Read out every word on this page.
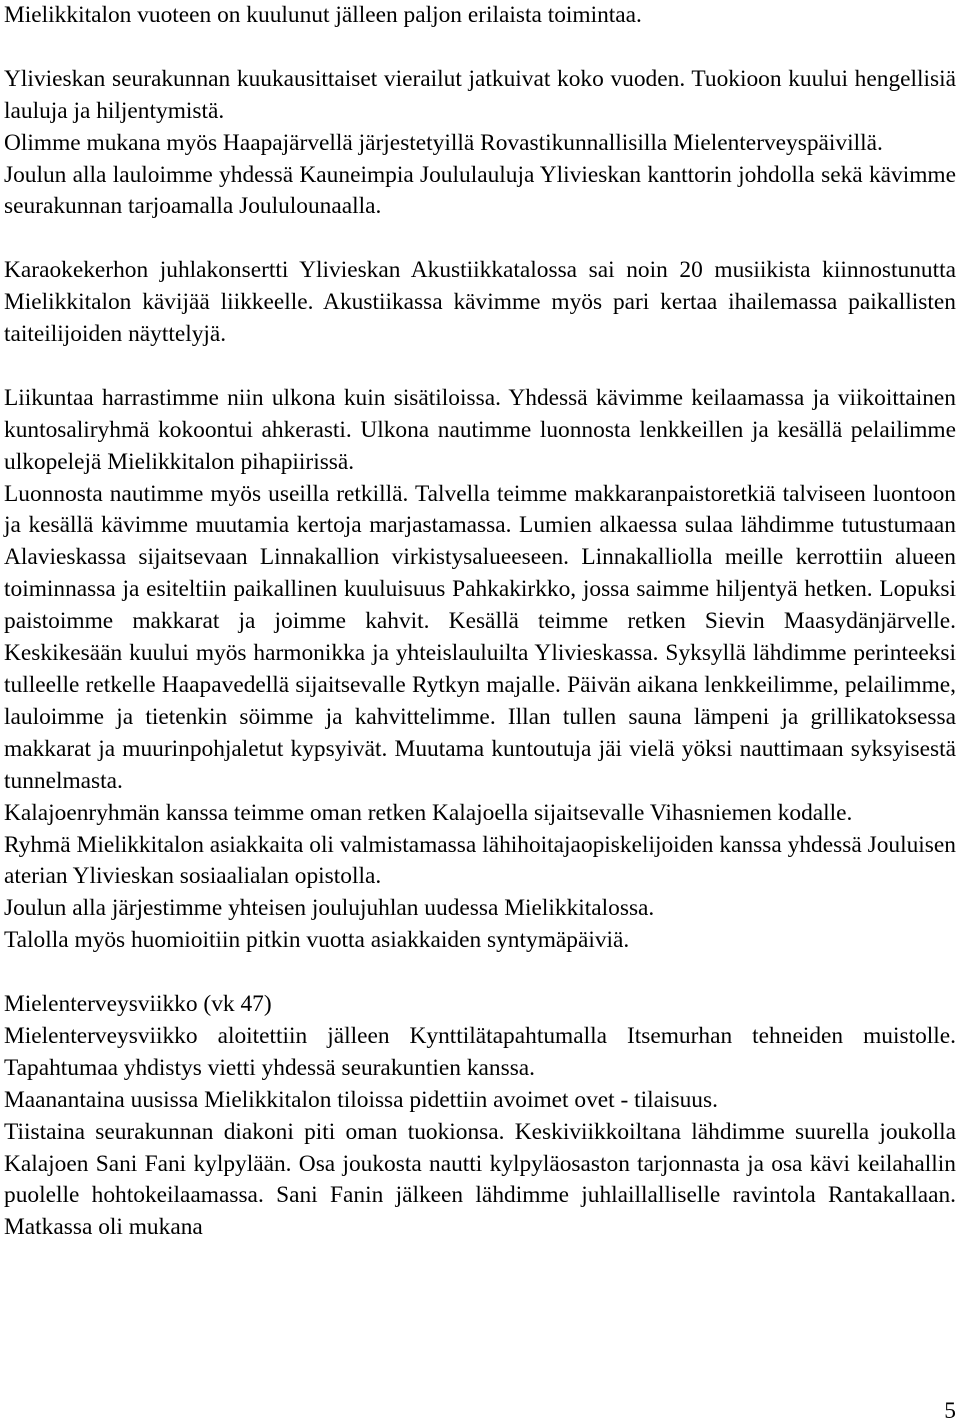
Mielikkitalon vuoteen on kuulunut jälleen paljon erilaista toimintaa.

Ylivieskan seurakunnan kuukausittaiset vierailut jatkuivat koko vuoden. Tuokioon kuului hengellisiä lauluja ja hiljentymistä.

Olimme mukana myös Haapajärvellä järjestetyillä Rovastikunnallisilla Mielenterveyspäivillä.

Joulun alla lauloimme yhdessä Kauneimpia Joululauluja Ylivieskan kanttorin johdolla sekä kävimme seurakunnan tarjoamalla Joululounaalla.

Karaokekerhon juhlakonsertti Ylivieskan Akustiikkatalossa sai noin 20 musiikista kiinnostunutta Mielikkitalon kävijää liikkeelle. Akustiikassa kävimme myös pari kertaa ihailemassa paikallisten taiteilijoiden näyttelyjä.

Liikuntaa harrastimme niin ulkona kuin sisätiloissa. Yhdessä kävimme keilaamassa ja viikoittainen kuntosaliryhmä kokoontui ahkerasti. Ulkona nautimme luonnosta lenkkeillen ja kesällä pelailimme ulkopelejä Mielikkitalon pihapiirissä.

Luonnosta nautimme myös useilla retkillä. Talvella teimme makkaranpaistoretkiä talviseen luontoon ja kesällä kävimme muutamia kertoja marjastamassa. Lumien alkaessa sulaa lähdimme tutustumaan Alavieskassa sijaitsevaan Linnakallion virkistysalueeseen. Linnakalliolla meille kerrottiin alueen toiminnassa ja esiteltiin paikallinen kuuluisuus Pahkakirkko, jossa saimme hiljentyä hetken. Lopuksi paistoimme makkarat ja joimme kahvit. Kesällä teimme retken Sievin Maasydänjärvelle. Keskikesään kuului myös harmonikka ja yhteislauluilta Ylivieskassa. Syksyllä lähdimme perinteeksi tulleelle retkelle Haapavedellä sijaitsevalle Rytkyn majalle. Päivän aikana lenkkeilimme, pelailimme, lauloimme ja tietenkin söimme ja kahvittelimme. Illan tullen sauna lämpeni ja grillikatoksessa makkarat ja muurinpohjaletut kypsyivät. Muutama kuntoutuja jäi vielä yöksi nauttimaan syksyisestä tunnelmasta.

Kalajoenryhmän kanssa teimme oman retken Kalajoella sijaitsevalle Vihasniemen kodalle.

Ryhmä Mielikkitalon asiakkaita oli valmistamassa lähihoitajaopiskelijoiden kanssa yhdessä Jouluisen aterian Ylivieskan sosiaalialan opistolla.

Joulun alla järjestimme yhteisen joulujuhlan uudessa Mielikkitalossa.

Talolla myös huomioitiin pitkin vuotta asiakkaiden syntymäpäiviä.

Mielenterveysviikko (vk 47)

Mielenterveysviikko aloitettiin jälleen Kynttilätapahtumalla Itsemurhan tehneiden muistolle. Tapahtumaa yhdistys vietti yhdessä seurakuntien kanssa.

Maanantaina uusissa Mielikkitalon tiloissa pidettiin avoimet ovet - tilaisuus.

Tiistaina seurakunnan diakoni piti oman tuokionsa. Keskiviikkoiltana lähdimme suurella joukolla Kalajoen Sani Fani kylpylään. Osa joukosta nautti kylpyläosaston tarjonnasta ja osa kävi keilahallin puolelle hohtokeilaamassa. Sani Fanin jälkeen lähdimme juhlaillalliselle ravintola Rantakallaan. Matkassa oli mukana

5
